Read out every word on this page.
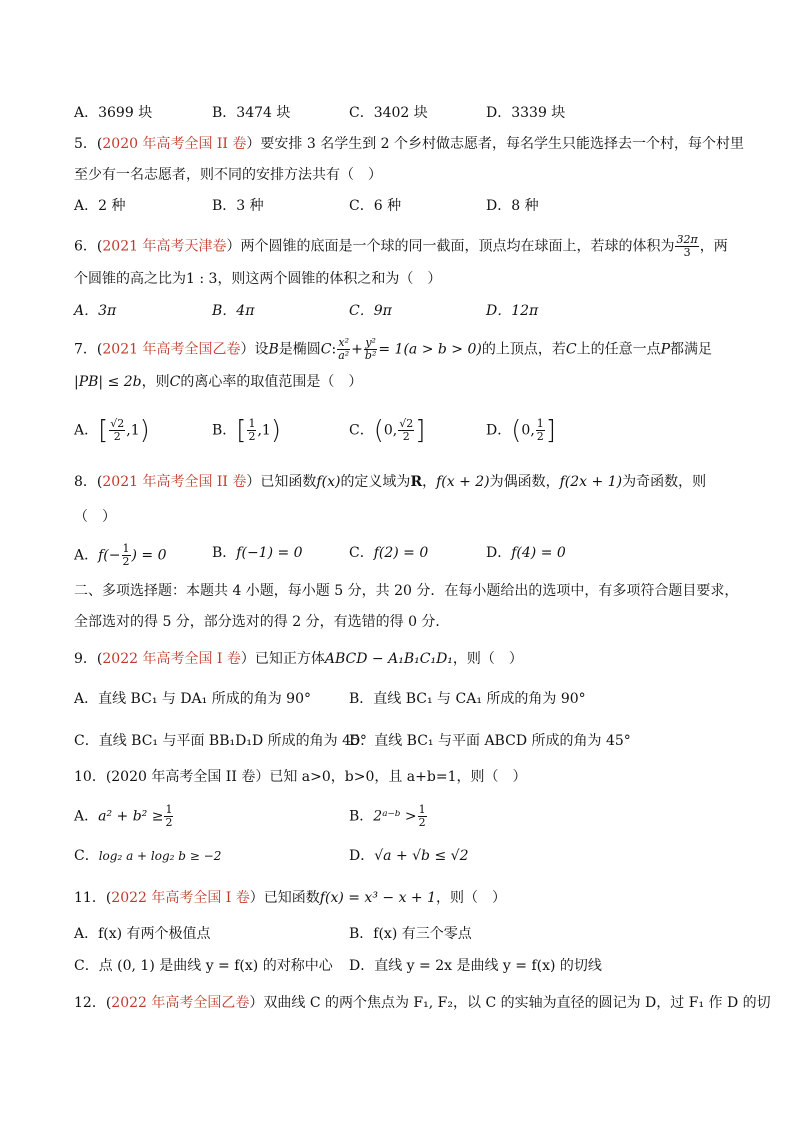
A．3699 块	B．3474 块	C．3402 块	D．3339 块
5．(2020 年高考全国 II 卷）要安排 3 名学生到 2 个乡村做志愿者，每名学生只能选择去一个村，每个村里
至少有一名志愿者，则不同的安排方法共有（　）
A．2 种	B．3 种	C．6 种	D．8 种
6．(2021 年高考天津卷）两个圆锥的底面是一个球的同一截面，顶点均在球面上，若球的体积为 $\frac{32\pi}{3}$ ，两
个圆锥的高之比为1 : 3，则这两个圆锥的体积之和为（　）
A．3π	B．4π	C．9π	D．12π
7．(2021 年高考全国乙卷）设B是椭圆C: $\frac{\text{x²}}{\text{a²}} + \frac{\text{y²}}{\text{b²}} = 1(a > b > 0)$的上顶点，若C上的任意一点P都满足
|PB| ≤ 2b，则C的离心率的取值范围是（　）
A．[ $\frac{√2}{2} ,1$)	B．[ $\frac{1}{2} ,1$)	C．(0, $\frac{√2}{2}$ ]	D．(0, $\frac{1}{2}$ ]
8．(2021 年高考全国 II 卷）已知函数f(x)的定义域为R，f(x + 2)为偶函数，f(2x + 1)为奇函数，则
（　）
A．$f(- \frac{1}{2}$ ) = 0	B．f(−1) = 0	C．f(2) = 0	D．f(4) = 0
二、多项选择题：本题共 4 小题，每小题 5 分，共 20 分．在每小题给出的选项中，有多项符合题目要求，
全部选对的得 5 分，部分选对的得 2 分，有选错的得 0 分．
9．(2022 年高考全国 I 卷）已知正方体ABCD − A₁B₁C₁D₁，则（　）
A．直线 BC₁ 与 DA₁ 所成的角为 90°	B．直线 BC₁ 与 CA₁ 所成的角为 90°
C．直线 BC₁ 与平面 BB₁D₁D 所成的角为 45°
D．直线 BC₁ 与平面 ABCD 所成的角为 45°
10．(2020 年高考全国 II 卷）已知 a>0，b>0，且 a+b=1，则（　）
A．$a^2 + b^2 \ge \frac{1}{2}$	B．2ᵃ⁻ᵇ > $\frac{1}{2}$
C．log₂ a + log₂ b ≥ −2	D．√a + √b ≤ √2
11．(2022 年高考全国 I 卷）已知函数f(x) = x³ − x + 1，则（　）
A．f(x) 有两个极值点	B．f(x) 有三个零点
C．点 (0, 1) 是曲线 y = f(x) 的对称中心 D．直线 y = 2x 是曲线 y = f(x) 的切线
12．(2022 年高考全国乙卷）双曲线 C 的两个焦点为 F₁, F₂，以 C 的实轴为直径的圆记为 D，过 F₁ 作 D 的切
